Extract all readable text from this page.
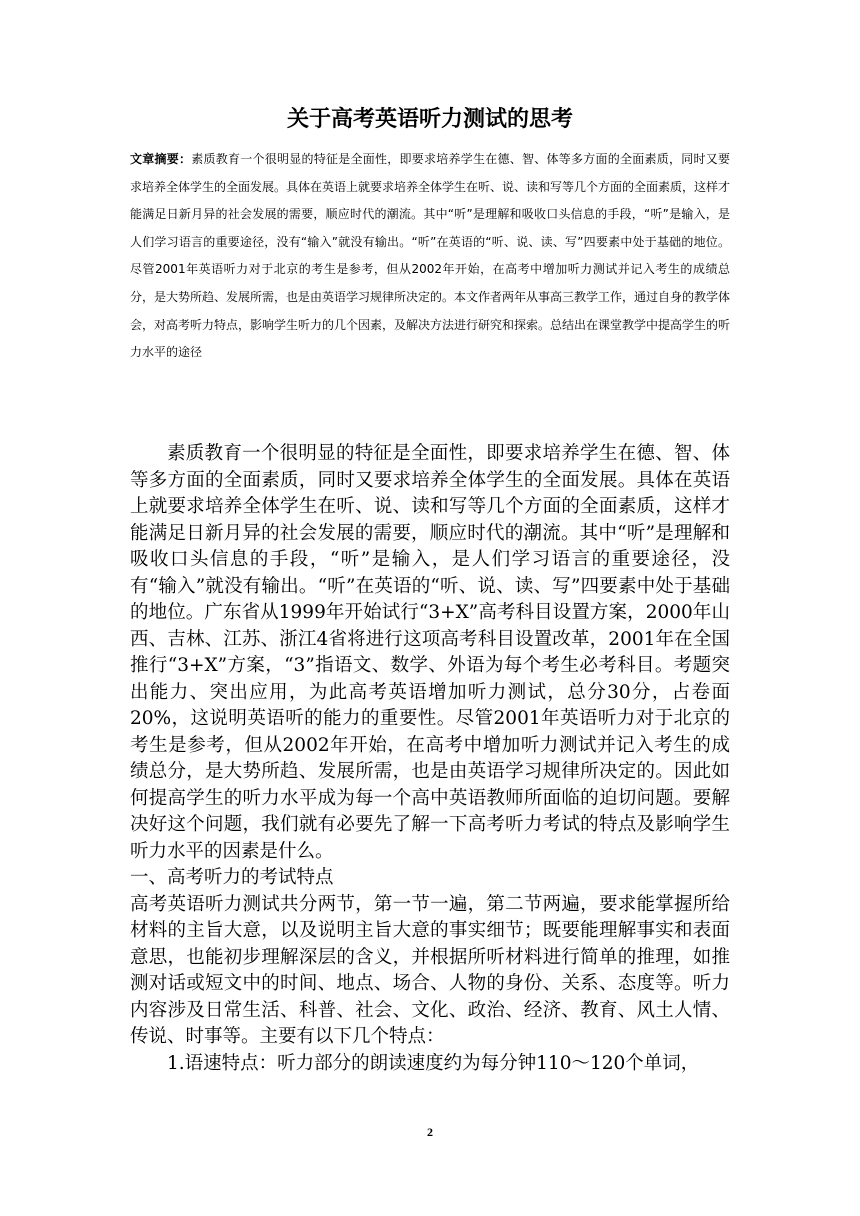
关于高考英语听力测试的思考

文章摘要：素质教育一个很明显的特征是全面性，即要求培养学生在德、智、体等多方面的全面素质，同时又要求培养全体学生的全面发展。具体在英语上就要求培养全体学生在听、说、读和写等几个方面的全面素质，这样才能满足日新月异的社会发展的需要，顺应时代的潮流。其中“听”是理解和吸收口头信息的手段，“听”是输入，是人们学习语言的重要途径，没有“输入”就没有输出。“听”在英语的“听、说、读、写”四要素中处于基础的地位。尽管2001年英语听力对于北京的考生是参考，但从2002年开始，在高考中增加听力测试并记入考生的成绩总分，是大势所趋、发展所需，也是由英语学习规律所决定的。本文作者两年从事高三教学工作，通过自身的教学体会，对高考听力特点，影响学生听力的几个因素，及解决方法进行研究和探索。总结出在课堂教学中提高学生的听力水平的途径

素质教育一个很明显的特征是全面性，即要求培养学生在德、智、体等多方面的全面素质，同时又要求培养全体学生的全面发展。具体在英语上就要求培养全体学生在听、说、读和写等几个方面的全面素质，这样才能满足日新月异的社会发展的需要，顺应时代的潮流。其中“听”是理解和吸收口头信息的手段，“听”是输入，是人们学习语言的重要途径，没有“输入”就没有输出。“听”在英语的“听、说、读、写”四要素中处于基础的地位。广东省从1999年开始试行“3+X”高考科目设置方案，2000年山西、吉林、江苏、浙江4省将进行这项高考科目设置改革，2001年在全国推行“3+X”方案，“3”指语文、数学、外语为每个考生必考科目。考题突出能力、突出应用，为此高考英语增加听力测试，总分30分，占卷面20%，这说明英语听的能力的重要性。尽管2001年英语听力对于北京的考生是参考，但从2002年开始，在高考中增加听力测试并记入考生的成绩总分，是大势所趋、发展所需，也是由英语学习规律所决定的。因此如何提高学生的听力水平成为每一个高中英语教师所面临的迫切问题。要解决好这个问题，我们就有必要先了解一下高考听力考试的特点及影响学生听力水平的因素是什么。

一、高考听力的考试特点

高考英语听力测试共分两节，第一节一遍，第二节两遍，要求能掌握所给材料的主旨大意，以及说明主旨大意的事实细节；既要能理解事实和表面意思，也能初步理解深层的含义，并根据所听材料进行简单的推理，如推测对话或短文中的时间、地点、场合、人物的身份、关系、态度等。听力内容涉及日常生活、科普、社会、文化、政治、经济、教育、风土人情、传说、时事等。主要有以下几个特点：

1.语速特点：听力部分的朗读速度约为每分钟110～120个单词，

2
